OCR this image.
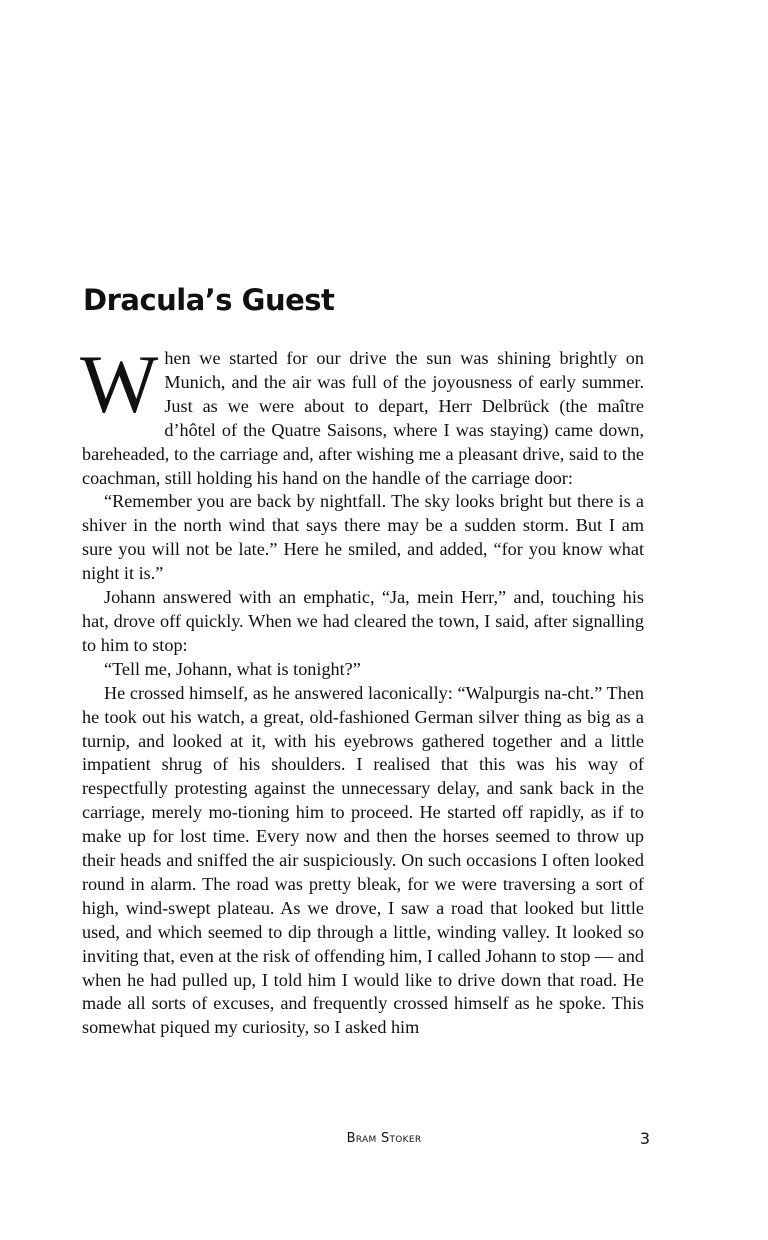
Dracula’s Guest

When we started for our drive the sun was shining brightly on Munich, and the air was full of the joyousness of early summer. Just as we were about to depart, Herr Delbrück (the maître d’hôtel of the Quatre Saisons, where I was staying) came down, bareheaded, to the carriage and, after wishing me a pleasant drive, said to the coachman, still holding his hand on the handle of the carriage door:

“Remember you are back by nightfall. The sky looks bright but there is a shiver in the north wind that says there may be a sudden storm. But I am sure you will not be late.” Here he smiled, and added, “for you know what night it is.”

Johann answered with an emphatic, “Ja, mein Herr,” and, touching his hat, drove off quickly. When we had cleared the town, I said, after signalling to him to stop:

“Tell me, Johann, what is tonight?”

He crossed himself, as he answered laconically: “Walpurgis na-cht.” Then he took out his watch, a great, old-fashioned German silver thing as big as a turnip, and looked at it, with his eyebrows gathered together and a little impatient shrug of his shoulders. I realised that this was his way of respectfully protesting against the unnecessary delay, and sank back in the carriage, merely mo-tioning him to proceed. He started off rapidly, as if to make up for lost time. Every now and then the horses seemed to throw up their heads and sniffed the air suspiciously. On such occasions I often looked round in alarm. The road was pretty bleak, for we were traversing a sort of high, wind-swept plateau. As we drove, I saw a road that looked but little used, and which seemed to dip through a little, winding valley. It looked so inviting that, even at the risk of offending him, I called Johann to stop — and when he had pulled up, I told him I would like to drive down that road. He made all sorts of excuses, and frequently crossed himself as he spoke. This somewhat piqued my curiosity, so I asked him

Bram Stoker	3
